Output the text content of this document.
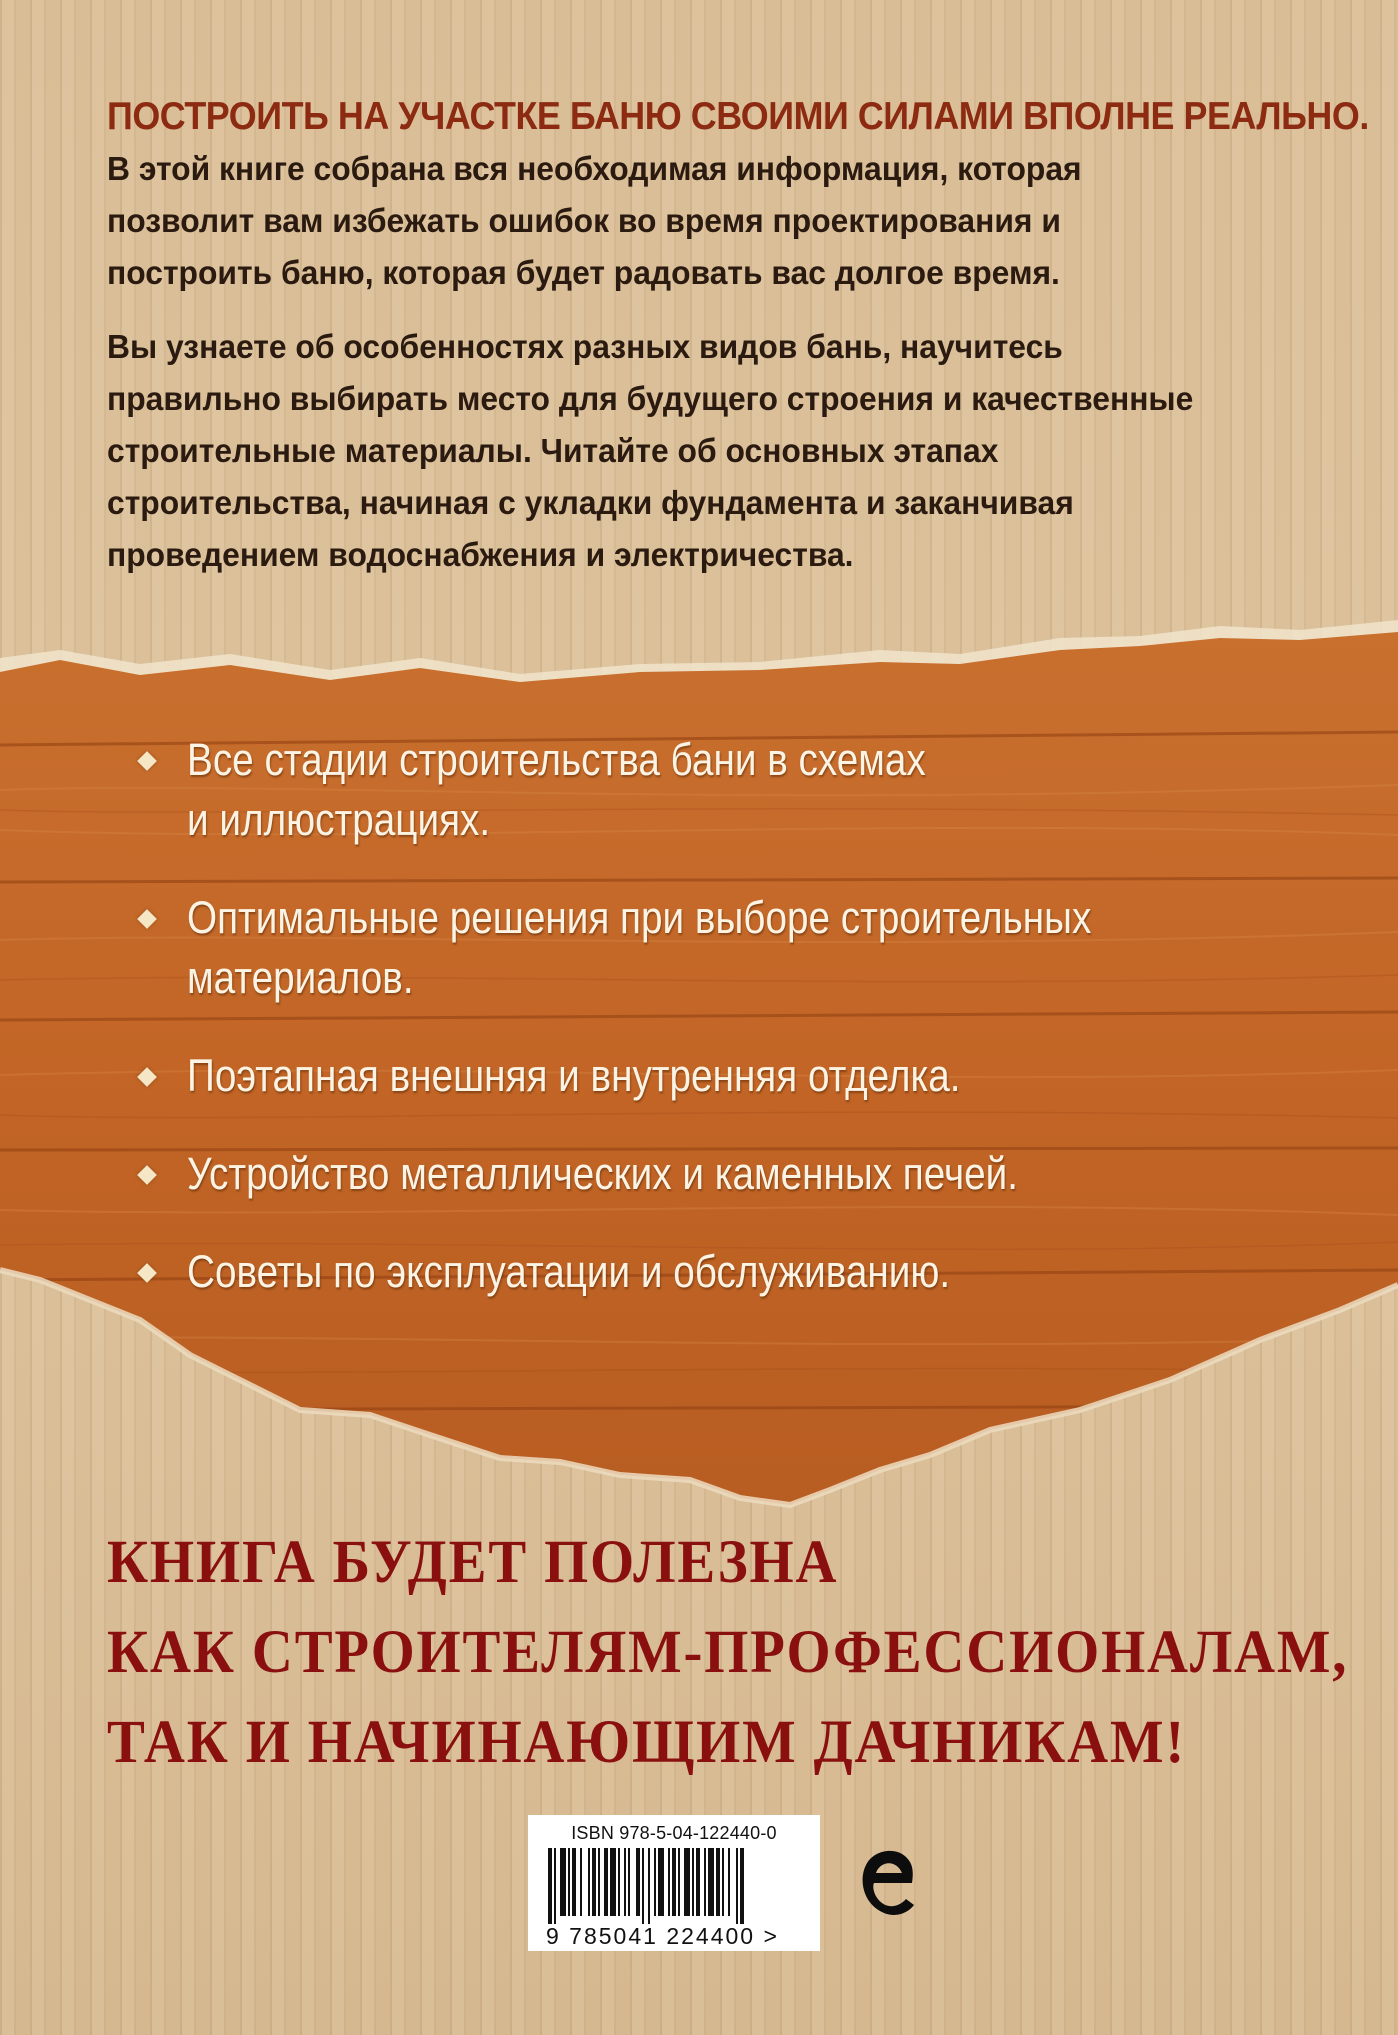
ПОСТРОИТЬ НА УЧАСТКЕ БАНЮ СВОИМИ СИЛАМИ ВПОЛНЕ РЕАЛЬНО.

В этой книге собрана вся необходимая информация, которая
позволит вам избежать ошибок во время проектирования и
построить баню, которая будет радовать вас долгое время.

Вы узнаете об особенностях разных видов бань, научитесь
правильно выбирать место для будущего строения и качественные
строительные материалы. Читайте об основных этапах
строительства, начиная с укладки фундамента и заканчивая
проведением водоснабжения и электричества.

Все стадии строительства бани в схемах
и иллюстрациях.
Оптимальные решения при выборе строительных
материалов.
Поэтапная внешняя и внутренняя отделка.
Устройство металлических и каменных печей.
Советы по эксплуатации и обслуживанию.

КНИГА БУДЕТ ПОЛЕЗНА

КАК СТРОИТЕЛЯМ-ПРОФЕССИОНАЛАМ,

ТАК И НАЧИНАЮЩИМ ДАЧНИКАМ!

ISBN 978-5-04-122440-0
9 785041 224400 >
